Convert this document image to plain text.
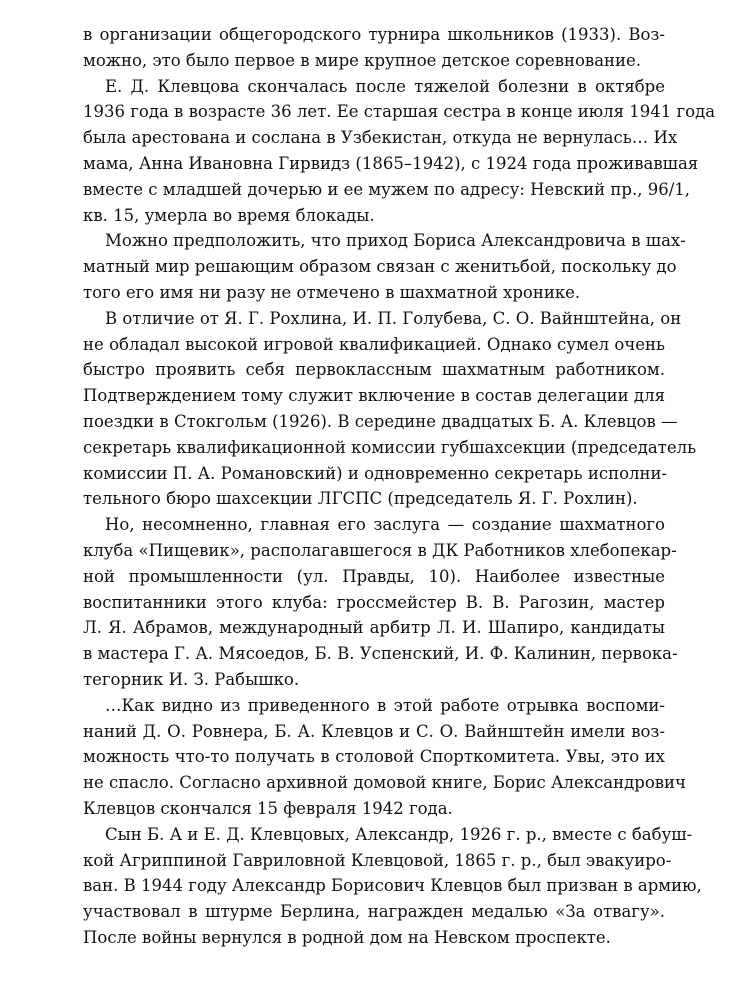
в организации общегородского турнира школьников (1933). Воз-
можно, это было первое в мире крупное детское соревнование.
Е. Д. Клевцова скончалась после тяжелой болезни в октябре
1936 года в возрасте 36 лет. Ее старшая сестра в конце июля 1941 года
была арестована и сослана в Узбекистан, откуда не вернулась… Их
мама, Анна Ивановна Гирвидз (1865–1942), с 1924 года проживавшая
вместе с младшей дочерью и ее мужем по адресу: Невский пр., 96/1,
кв. 15, умерла во время блокады.
Можно предположить, что приход Бориса Александровича в шах-
матный мир решающим образом связан с женитьбой, поскольку до
того его имя ни разу не отмечено в шахматной хронике.
В отличие от Я. Г. Рохлина, И. П. Голубева, С. О. Вайнштейна, он
не обладал высокой игровой квалификацией. Однако сумел очень
быстро проявить себя первоклассным шахматным работником.
Подтверждением тому служит включение в состав делегации для
поездки в Стокгольм (1926). В середине двадцатых Б. А. Клевцов —
секретарь квалификационной комиссии губшахсекции (председатель
комиссии П. А. Романовский) и одновременно секретарь исполни-
тельного бюро шахсекции ЛГСПС (председатель Я. Г. Рохлин).
Но, несомненно, главная его заслуга — создание шахматного
клуба «Пищевик», располагавшегося в ДК Работников хлебопекар-
ной промышленности (ул. Правды, 10). Наиболее известные
воспитанники этого клуба: гроссмейстер В. В. Рагозин, мастер
Л. Я. Абрамов, международный арбитр Л. И. Шапиро, кандидаты
в мастера Г. А. Мясоедов, Б. В. Успенский, И. Ф. Калинин, первока-
тегорник И. З. Рабышко.
…Как видно из приведенного в этой работе отрывка воспоми-
наний Д. О. Ровнера, Б. А. Клевцов и С. О. Вайнштейн имели воз-
можность что-то получать в столовой Спорткомитета. Увы, это их
не спасло. Согласно архивной домовой книге, Борис Александрович
Клевцов скончался 15 февраля 1942 года.
Сын Б. А и Е. Д. Клевцовых, Александр, 1926 г. р., вместе с бабуш-
кой Агриппиной Гавриловной Клевцовой, 1865 г. р., был эвакуиро-
ван. В 1944 году Александр Борисович Клевцов был призван в армию,
участвовал в штурме Берлина, награжден медалью «За отвагу».
После войны вернулся в родной дом на Невском проспекте.
